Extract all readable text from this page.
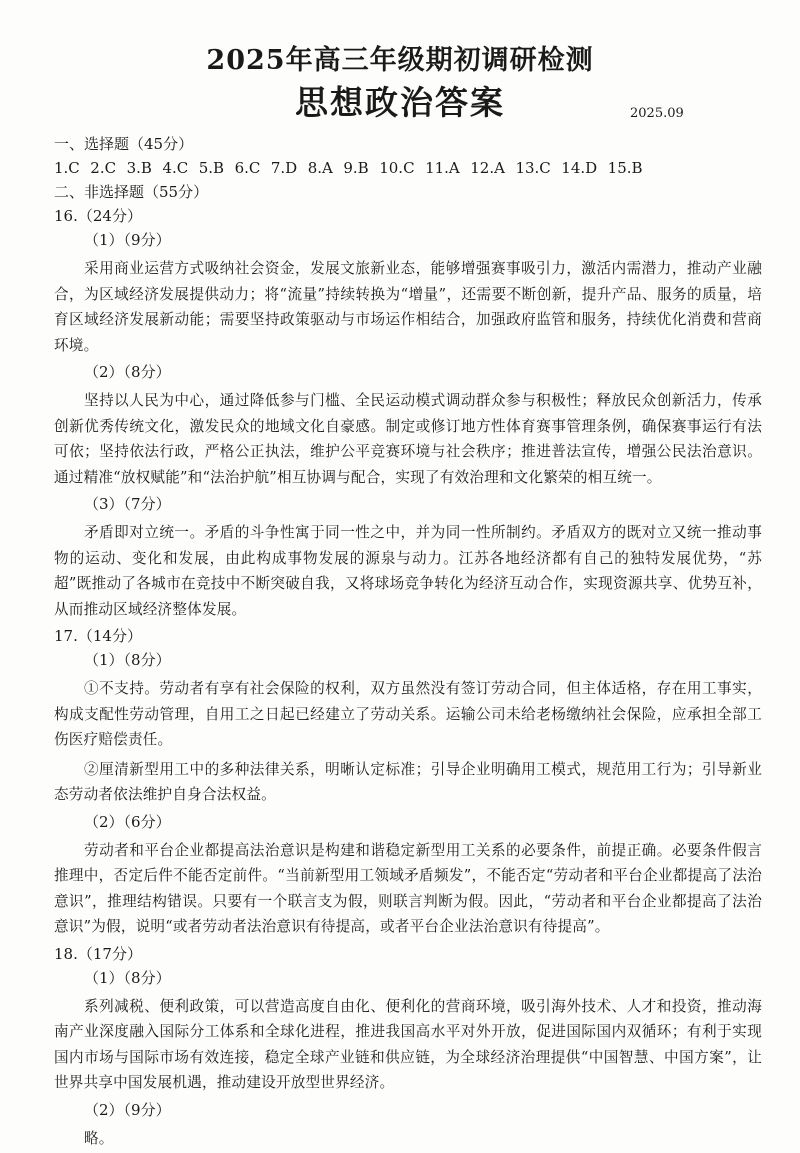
2025年高三年级期初调研检测
思想政治答案	2025.09
一、选择题（45分）
1.C 2.C 3.B 4.C 5.B 6.C 7.D 8.A 9.B 10.C 11.A 12.A 13.C 14.D 15.B
二、非选择题（55分）
16.（24分）
（1）（9分）
采用商业运营方式吸纳社会资金，发展文旅新业态，能够增强赛事吸引力，激活内需潜力，推动产业融合，为区域经济发展提供动力；将“流量”持续转换为“增量”，还需要不断创新，提升产品、服务的质量，培育区域经济发展新动能；需要坚持政策驱动与市场运作相结合，加强政府监管和服务，持续优化消费和营商环境。
（2）（8分）
坚持以人民为中心，通过降低参与门槛、全民运动模式调动群众参与积极性；释放民众创新活力，传承创新优秀传统文化，激发民众的地域文化自豪感。制定或修订地方性体育赛事管理条例，确保赛事运行有法可依；坚持依法行政，严格公正执法，维护公平竞赛环境与社会秩序；推进普法宣传，增强公民法治意识。通过精准“放权赋能”和“法治护航”相互协调与配合，实现了有效治理和文化繁荣的相互统一。
（3）（7分）
矛盾即对立统一。矛盾的斗争性寓于同一性之中，并为同一性所制约。矛盾双方的既对立又统一推动事物的运动、变化和发展，由此构成事物发展的源泉与动力。江苏各地经济都有自己的独特发展优势，“苏超”既推动了各城市在竞技中不断突破自我，又将球场竞争转化为经济互动合作，实现资源共享、优势互补，从而推动区域经济整体发展。
17.（14分）
（1）（8分）
①不支持。劳动者有享有社会保险的权利，双方虽然没有签订劳动合同，但主体适格，存在用工事实，构成支配性劳动管理，自用工之日起已经建立了劳动关系。运输公司未给老杨缴纳社会保险，应承担全部工伤医疗赔偿责任。
②厘清新型用工中的多种法律关系，明晰认定标准；引导企业明确用工模式，规范用工行为；引导新业态劳动者依法维护自身合法权益。
（2）（6分）
劳动者和平台企业都提高法治意识是构建和谐稳定新型用工关系的必要条件，前提正确。必要条件假言推理中，否定后件不能否定前件。“当前新型用工领域矛盾频发”，不能否定“劳动者和平台企业都提高了法治意识”，推理结构错误。只要有一个联言支为假，则联言判断为假。因此，“劳动者和平台企业都提高了法治意识”为假，说明“或者劳动者法治意识有待提高，或者平台企业法治意识有待提高”。
18.（17分）
（1）（8分）
系列减税、便利政策，可以营造高度自由化、便利化的营商环境，吸引海外技术、人才和投资，推动海南产业深度融入国际分工体系和全球化进程，推进我国高水平对外开放，促进国际国内双循环；有利于实现国内市场与国际市场有效连接，稳定全球产业链和供应链，为全球经济治理提供“中国智慧、中国方案”，让世界共享中国发展机遇，推动建设开放型世界经济。
（2）（9分）
略。
